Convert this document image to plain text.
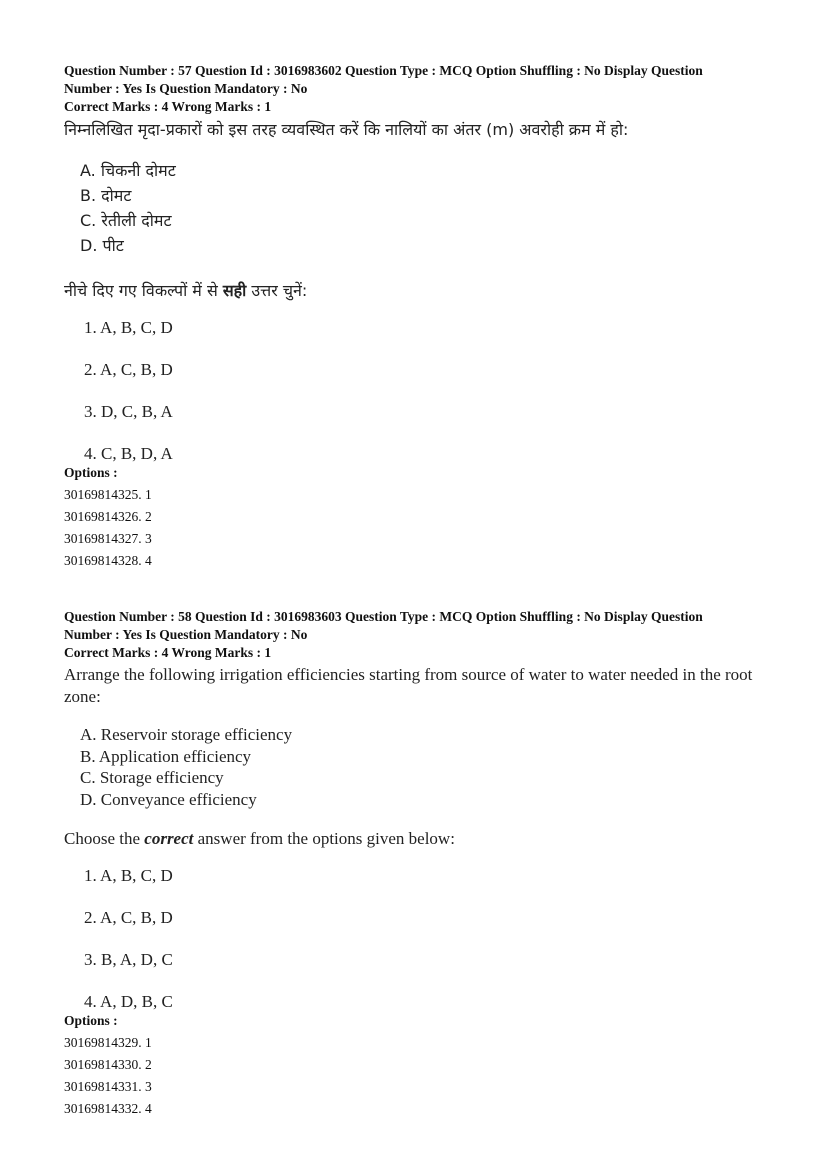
Question Number : 57 Question Id : 3016983602 Question Type : MCQ Option Shuffling : No Display Question

Number : Yes Is Question Mandatory : No

Correct Marks : 4 Wrong Marks : 1

निम्नलिखित मृदा-प्रकारों को इस तरह व्यवस्थित करें कि नालियों का अंतर (m) अवरोही क्रम में हो:

A. चिकनी दोमट
B. दोमट
C. रेतीली दोमट
D. पीट

नीचे दिए गए विकल्पों में से सही उत्तर चुनें:

1. A, B, C, D
2. A, C, B, D
3. D, C, B, A
4. C, B, D, A

Options :

30169814325. 1
30169814326. 2
30169814327. 3
30169814328. 4

Question Number : 58 Question Id : 3016983603 Question Type : MCQ Option Shuffling : No Display Question

Number : Yes Is Question Mandatory : No

Correct Marks : 4 Wrong Marks : 1

Arrange the following irrigation efficiencies starting from source of water to water needed in the root zone:

A. Reservoir storage efficiency
B. Application efficiency
C. Storage efficiency
D. Conveyance efficiency

Choose the correct answer from the options given below:

1. A, B, C, D
2. A, C, B, D
3. B, A, D, C
4. A, D, B, C

Options :

30169814329. 1
30169814330. 2
30169814331. 3
30169814332. 4
